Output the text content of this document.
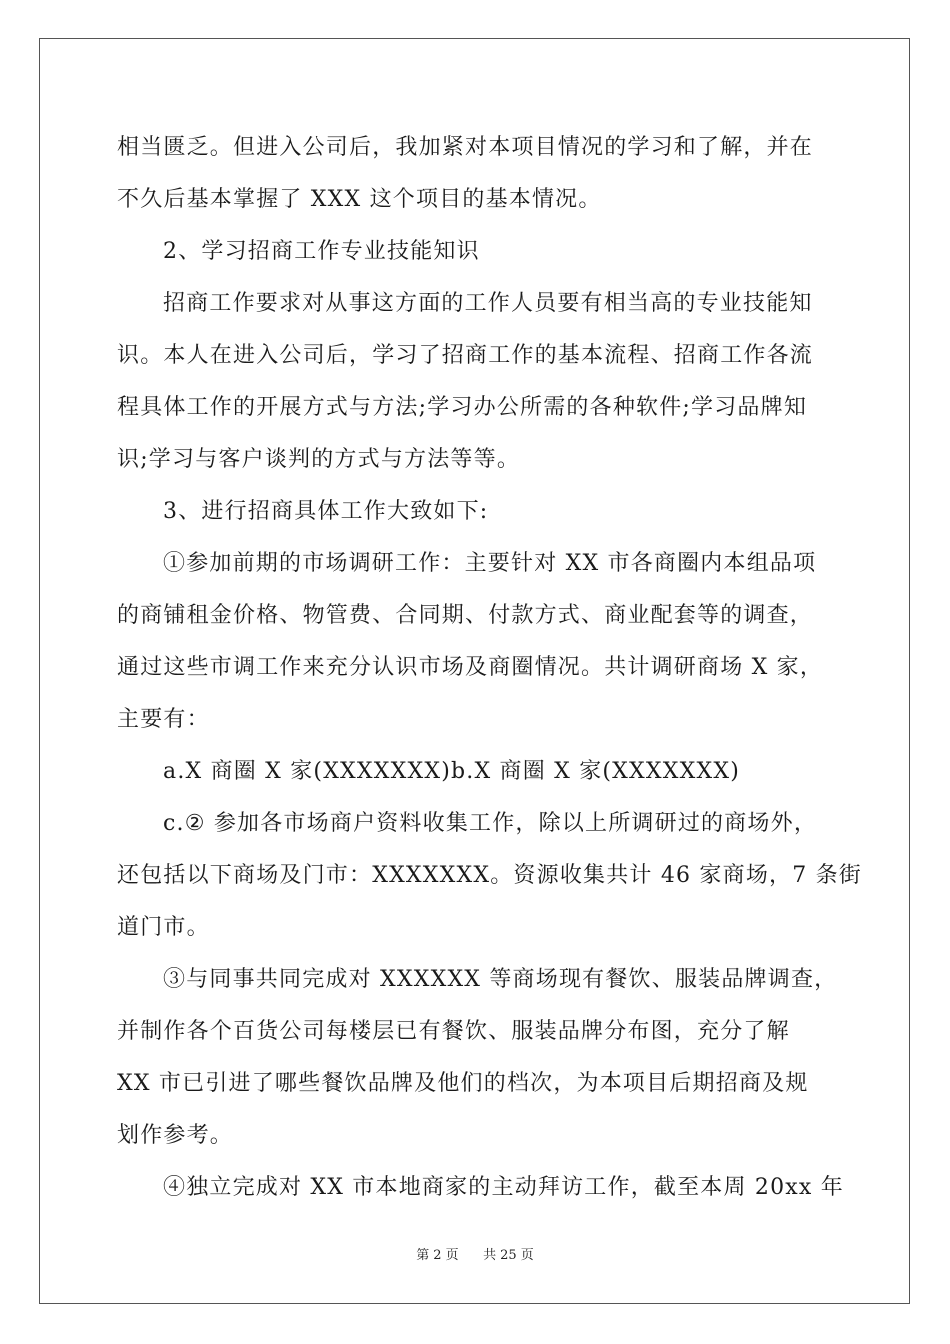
相当匮乏。但进入公司后，我加紧对本项目情况的学习和了解，并在
不久后基本掌握了 XXX 这个项目的基本情况。
2、学习招商工作专业技能知识
招商工作要求对从事这方面的工作人员要有相当高的专业技能知
识。本人在进入公司后，学习了招商工作的基本流程、招商工作各流
程具体工作的开展方式与方法;学习办公所需的各种软件;学习品牌知
识;学习与客户谈判的方式与方法等等。
3、进行招商具体工作大致如下:
①参加前期的市场调研工作：主要针对 XX 市各商圈内本组品项
的商铺租金价格、物管费、合同期、付款方式、商业配套等的调查，
通过这些市调工作来充分认识市场及商圈情况。共计调研商场 X 家，
主要有：
a.X 商圈 X 家(XXXXXXX)b.X 商圈 X 家(XXXXXXX)
c.② 参加各市场商户资料收集工作，除以上所调研过的商场外，
还包括以下商场及门市：XXXXXXX。资源收集共计 46 家商场，7 条街
道门市。
③与同事共同完成对 XXXXXX 等商场现有餐饮、服装品牌调查，
并制作各个百货公司每楼层已有餐饮、服装品牌分布图，充分了解
XX 市已引进了哪些餐饮品牌及他们的档次，为本项目后期招商及规
划作参考。
④独立完成对 XX 市本地商家的主动拜访工作，截至本周 20xx 年
第 2 页 共 25 页
